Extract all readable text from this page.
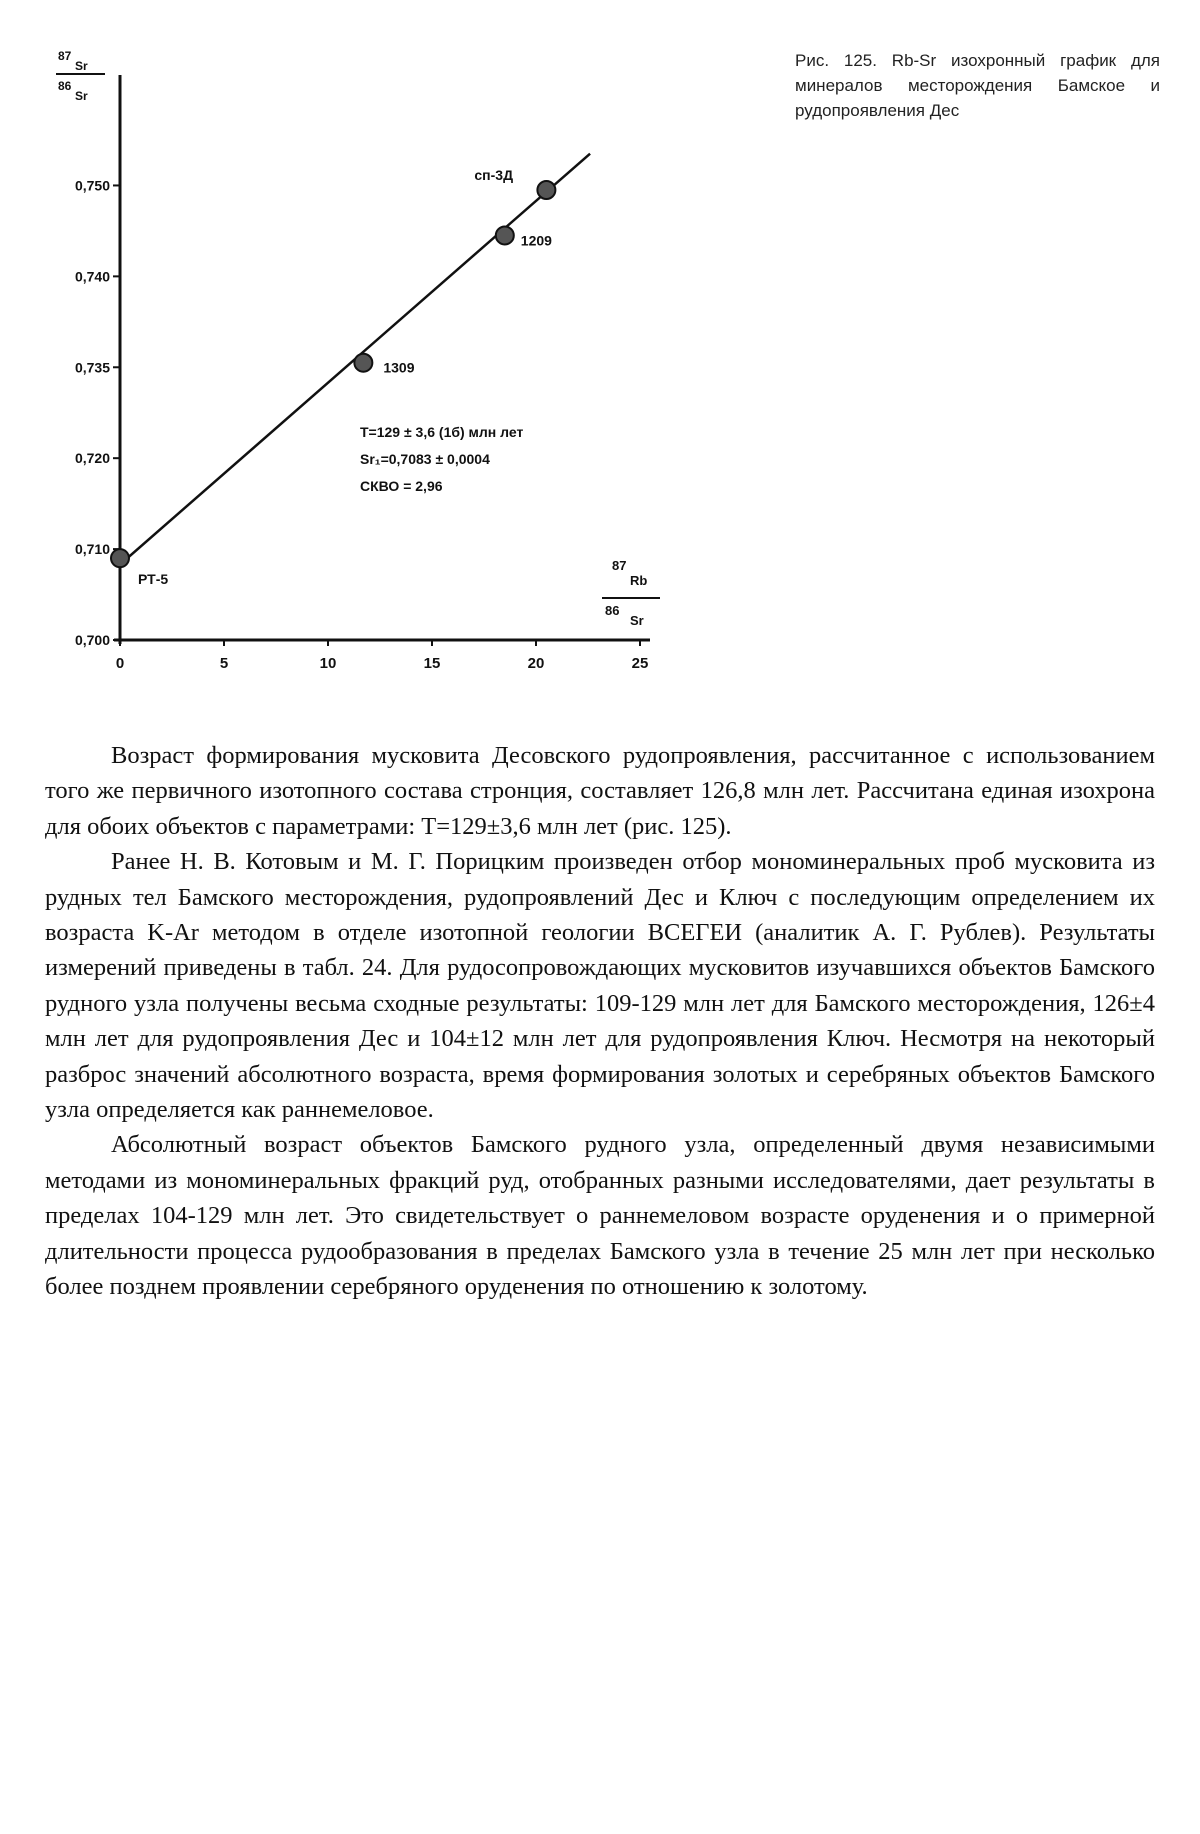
0,700
0,710
0,720
0,735
0,740
0,750
0	5	10	15	20	25
РТ-5
1309
1209
сп-3Д
87
Sr
86
Sr
87
Rb
86
Sr
T=129 ± 3,6 (1б) млн лет
Sr₁=0,7083 ± 0,0004
СКВО = 2,96
Рис. 125. Rb-Sr изохронный график для минералов месторождения Бамское и рудопроявления Дес

Возраст формирования мусковита Десовского рудопроявления, рассчитанное с использованием того же первичного изотопного состава стронция, составляет 126,8 млн лет. Рассчитана единая изохрона для обоих объектов с параметрами: Т=129±3,6 млн лет (рис. 125).

Ранее Н. В. Котовым и М. Г. Порицким произведен отбор мономинеральных проб мусковита из рудных тел Бамского месторождения, рудопроявлений Дес и Ключ с последующим определением их возраста K-Ar методом в отделе изотопной геологии ВСЕГЕИ (аналитик А. Г. Рублев). Результаты измерений приведены в табл. 24. Для рудосопровождающих мусковитов изучавшихся объектов Бамского рудного узла получены весьма сходные результаты: 109-129 млн лет для Бамского месторождения, 126±4 млн лет для рудопроявления Дес и 104±12 млн лет для рудопроявления Ключ. Несмотря на некоторый разброс значений абсолютного возраста, время формирования золотых и серебряных объектов Бамского узла определяется как раннемеловое.

Абсолютный возраст объектов Бамского рудного узла, определенный двумя независимыми методами из мономинеральных фракций руд, отобранных разными исследователями, дает результаты в пределах 104-129 млн лет. Это свидетельствует о раннемеловом возрасте оруденения и о примерной длительности процесса рудообразования в пределах Бамского узла в течение 25 млн лет при несколько более позднем проявлении серебряного оруденения по отношению к золотому.
